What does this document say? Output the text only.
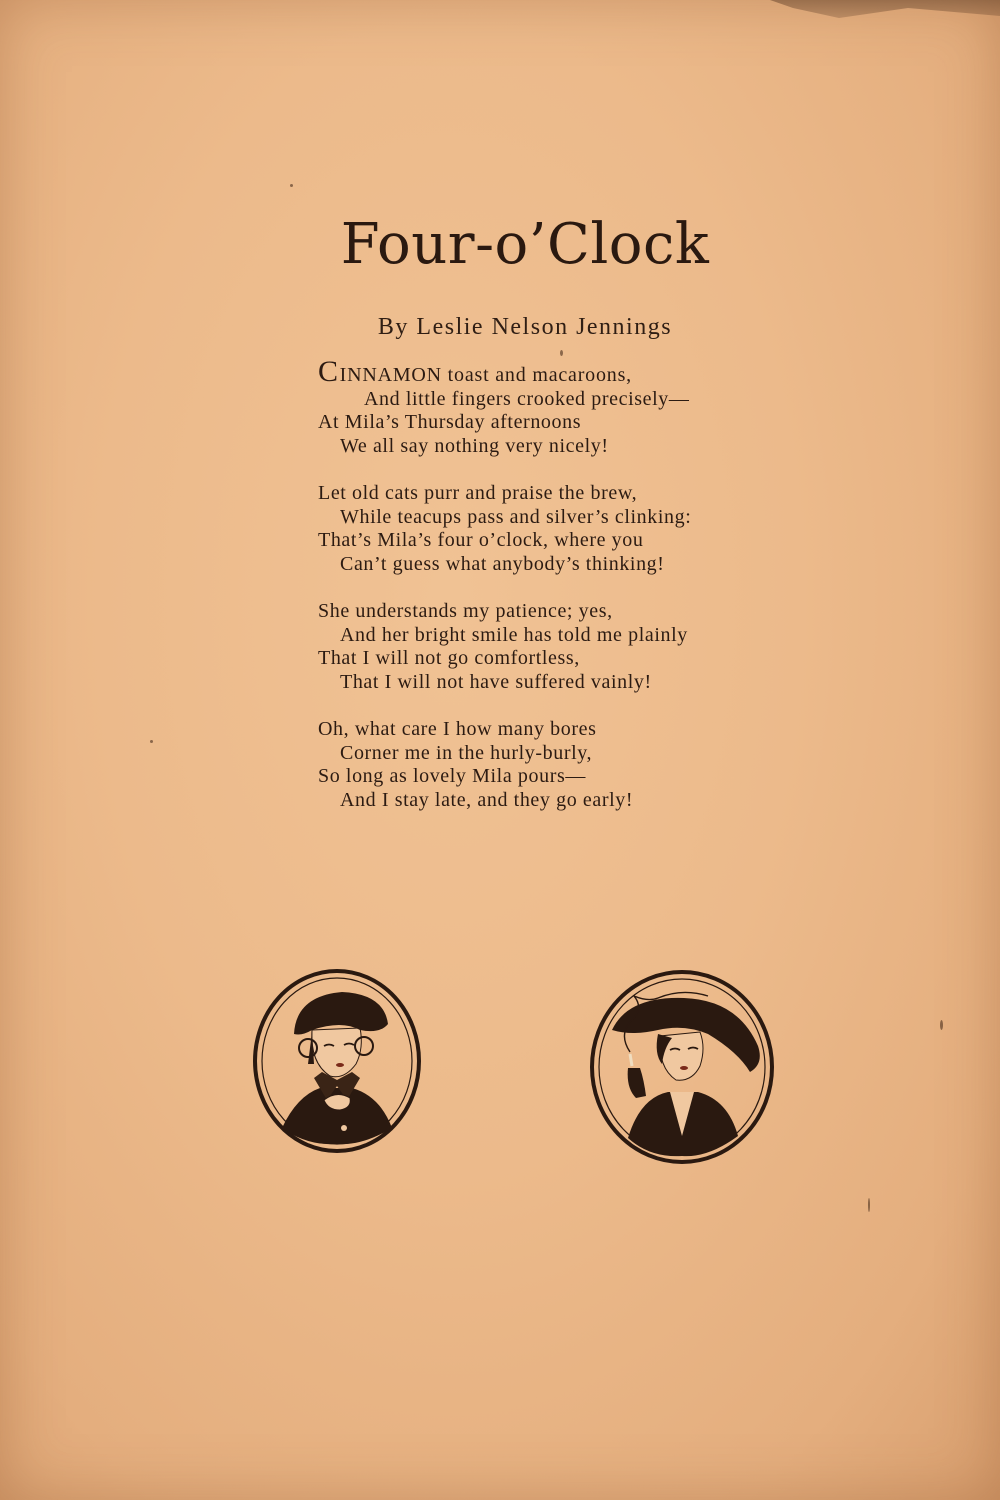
Four-o’Clock

By Leslie Nelson Jennings

CINNAMON toast and macaroons,
And little fingers crooked precisely—
At Mila’s Thursday afternoons
We all say nothing very nicely!
Let old cats purr and praise the brew,
While teacups pass and silver’s clinking:
That’s Mila’s four o’clock, where you
Can’t guess what anybody’s thinking!
She understands my patience; yes,
And her bright smile has told me plainly
That I will not go comfortless,
That I will not have suffered vainly!
Oh, what care I how many bores
Corner me in the hurly-burly,
So long as lovely Mila pours—
And I stay late, and they go early!
